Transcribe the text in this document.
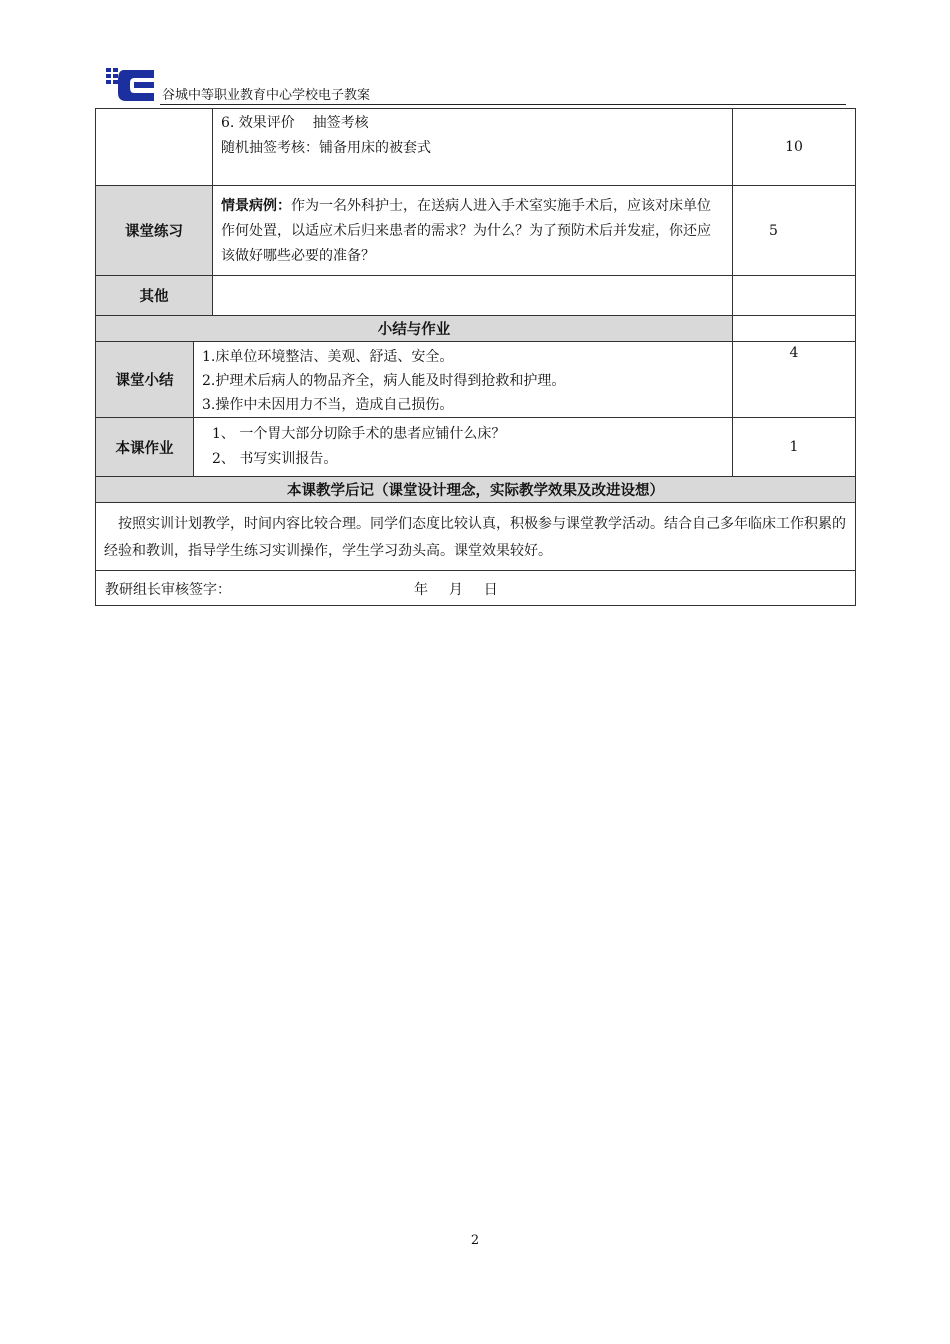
谷城中等职业教育中心学校电子教案

6. 效果评价    抽签考核

随机抽签考核：铺备用床的被套式	10
课堂练习
情景病例：作为一名外科护士，在送病人进入手术室实施手术后，应该对床单位作何处置，以适应术后归来患者的需求？为什么？为了预防术后并发症，你还应该做好哪些必要的准备？
5
其他
小结与作业
课堂小结

1.床单位环境整洁、美观、舒适、安全。

2.护理术后病人的物品齐全，病人能及时得到抢救和护理。

3.操作中未因用力不当，造成自己损伤。

4
本课作业

1、 一个胃大部分切除手术的患者应铺什么床？

2、 书写实训报告。

1
本课教学后记（课堂设计理念，实际教学效果及改进设想）
按照实训计划教学，时间内容比较合理。同学们态度比较认真，积极参与课堂教学活动。结合自己多年临床工作积累的经验和教训，指导学生练习实训操作，学生学习劲头高。课堂效果较好。
教研组长审核签字：	年  月  日
2
